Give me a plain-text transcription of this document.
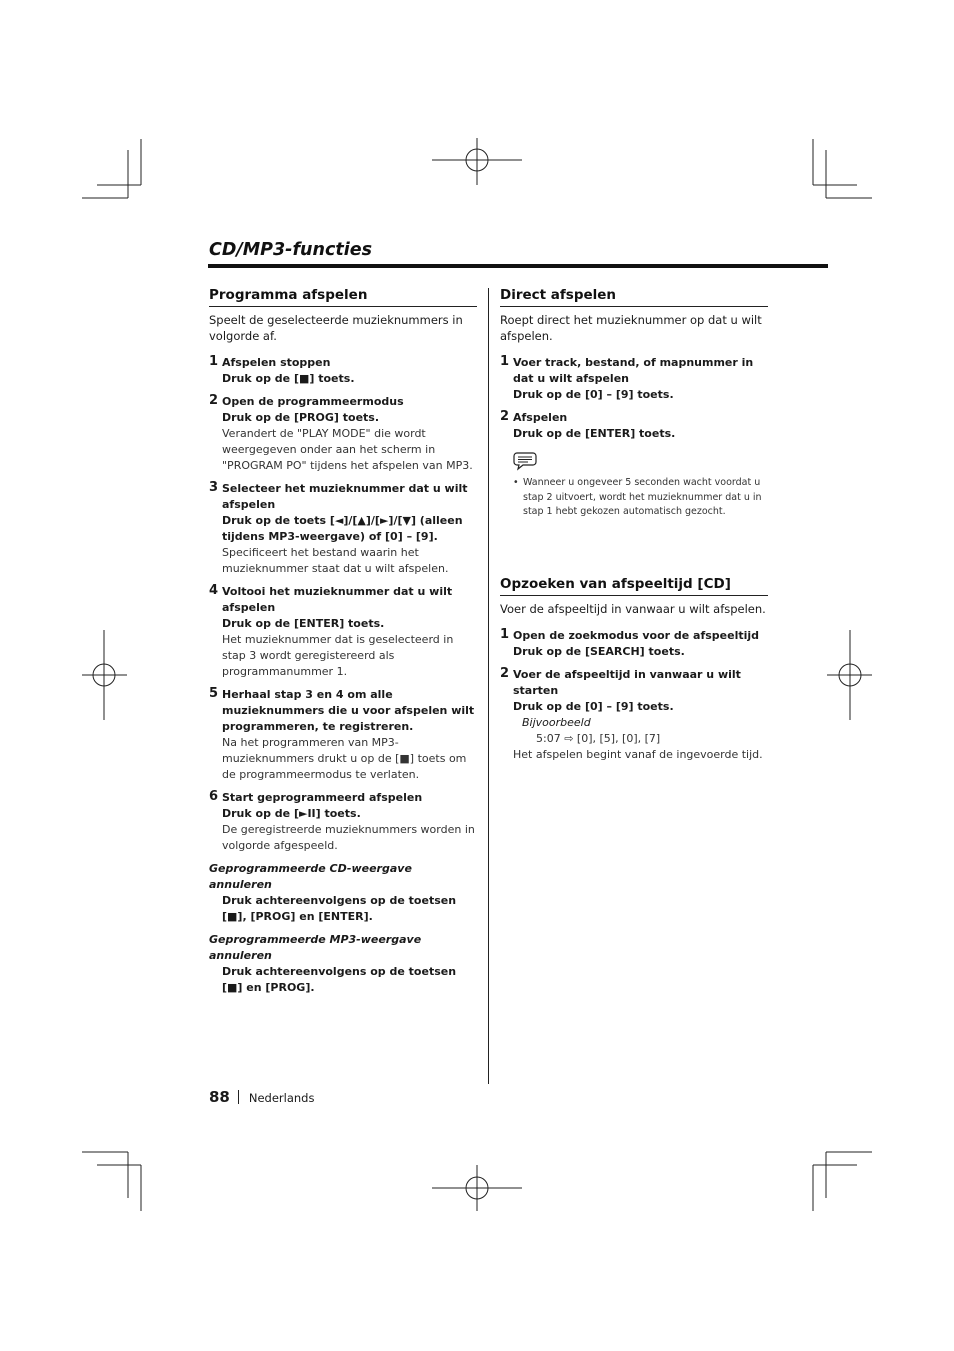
CD/MP3-functies
Programma afspelen

Speelt de geselecteerde muzieknummers in volgorde af.

1 Afspelen stoppen
Druk op de [■] toets.
2 Open de programmeermodus
Druk op de [PROG] toets.
Verandert de "PLAY MODE" die wordt weergegeven onder aan het scherm in "PROGRAM PO" tijdens het afspelen van MP3.
3 Selecteer het muzieknummer dat u wilt afspelen
Druk op de toets [◄]/[▲]/[►]/[▼] (alleen tijdens MP3-weergave) of [0] – [9].
Specificeert het bestand waarin het muzieknummer staat dat u wilt afspelen.
4 Voltooi het muzieknummer dat u wilt afspelen
Druk op de [ENTER] toets.
Het muzieknummer dat is geselecteerd in stap 3 wordt geregistereerd als programmanummer 1.
5 Herhaal stap 3 en 4 om alle muzieknummers die u voor afspelen wilt programmeren, te registreren.
Na het programmeren van MP3-muzieknummers drukt u op de [■] toets om de programmeermodus te verlaten.
6 Start geprogrammeerd afspelen
Druk op de [►II] toets.
De geregistreerde muzieknummers worden in volgorde afgespeeld.
Geprogrammeerde CD-weergave annuleren
Druk achtereenvolgens op de toetsen [■], [PROG] en [ENTER].
Geprogrammeerde MP3-weergave annuleren
Druk achtereenvolgens op de toetsen [■] en [PROG].
Direct afspelen

Roept direct het muzieknummer op dat u wilt afspelen.

1 Voer track, bestand, of mapnummer in dat u wilt afspelen
Druk op de [0] – [9] toets.
2 Afspelen
Druk op de [ENTER] toets.
• Wanneer u ongeveer 5 seconden wacht voordat u stap 2 uitvoert, wordt het muzieknummer dat u in stap 1 hebt gekozen automatisch gezocht.
Opzoeken van afspeeltijd [CD]

Voer de afspeeltijd in vanwaar u wilt afspelen.

1 Open de zoekmodus voor de afspeeltijd
Druk op de [SEARCH] toets.
2 Voer de afspeeltijd in vanwaar u wilt starten
Druk op de [0] – [9] toets.
Bijvoorbeeld
5:07 ⇨ [0], [5], [0], [7]
Het afspelen begint vanaf de ingevoerde tijd.
88 Nederlands
